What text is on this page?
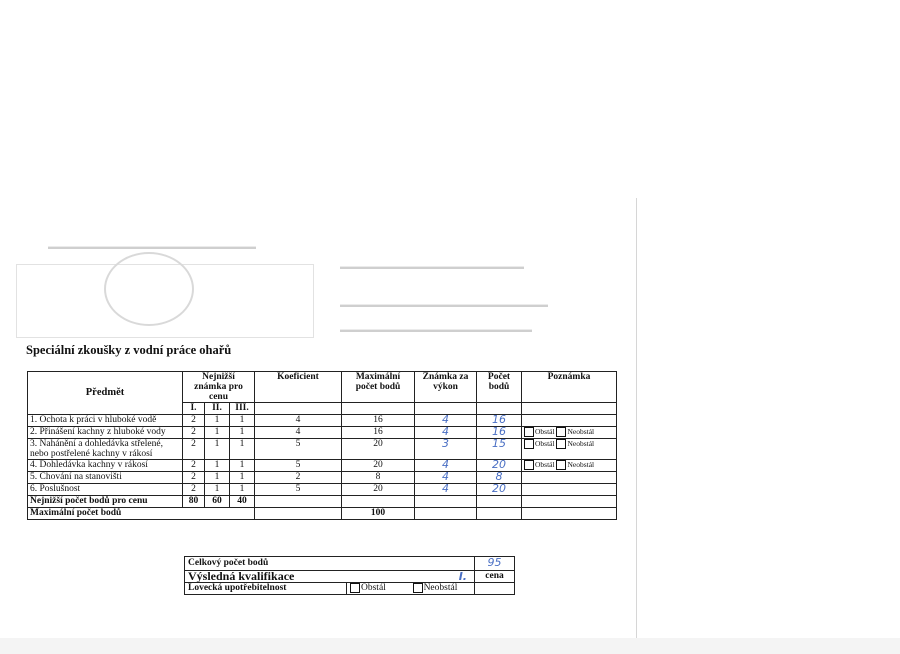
▬▬▬▬▬▬▬▬▬▬▬▬▬▬▬▬▬▬▬▬▬▬▬▬▬▬
▬▬▬▬▬▬▬▬▬▬▬▬▬▬▬▬▬▬▬▬▬▬▬
▬▬▬▬▬▬▬▬▬▬▬▬▬▬▬▬▬▬▬▬▬▬▬▬▬▬
▬▬▬▬▬▬▬▬▬▬▬▬▬▬▬▬▬▬▬▬▬▬▬▬
Speciální zkoušky z vodní práce ohařů
Předmět	Nejnižší známka pro cenu			Koeficient	Maximální počet bodů	Známka za výkon	Počet bodů	Poznámka
	I.	II.	III.					
1. Ochota k práci v hluboké vodě	2	1	1	4	16	4	16	
2. Přinášení kachny z hluboké vody	2	1	1	4	16	4	16	Obstál Neobstál
3. Nahánění a dohledávka střelené, nebo postřelené kachny v rákosí	2	1	1	5	20	3	15	Obstál Neobstál
4. Dohledávka kachny v rákosí	2	1	1	5	20	4	20	Obstál Neobstál
5. Chování na stanovišti	2	1	1	2	8	4	8	
6. Poslušnost	2	1	1	5	20	4	20	
Nejnižší počet bodů pro cenu	80	60	40					
Maximální počet bodů					100			
Celkový počet bodů		95
Výsledná kvalifikace I.		cena
Lovecká upotřebitelnost	Obstál Neobstál	
